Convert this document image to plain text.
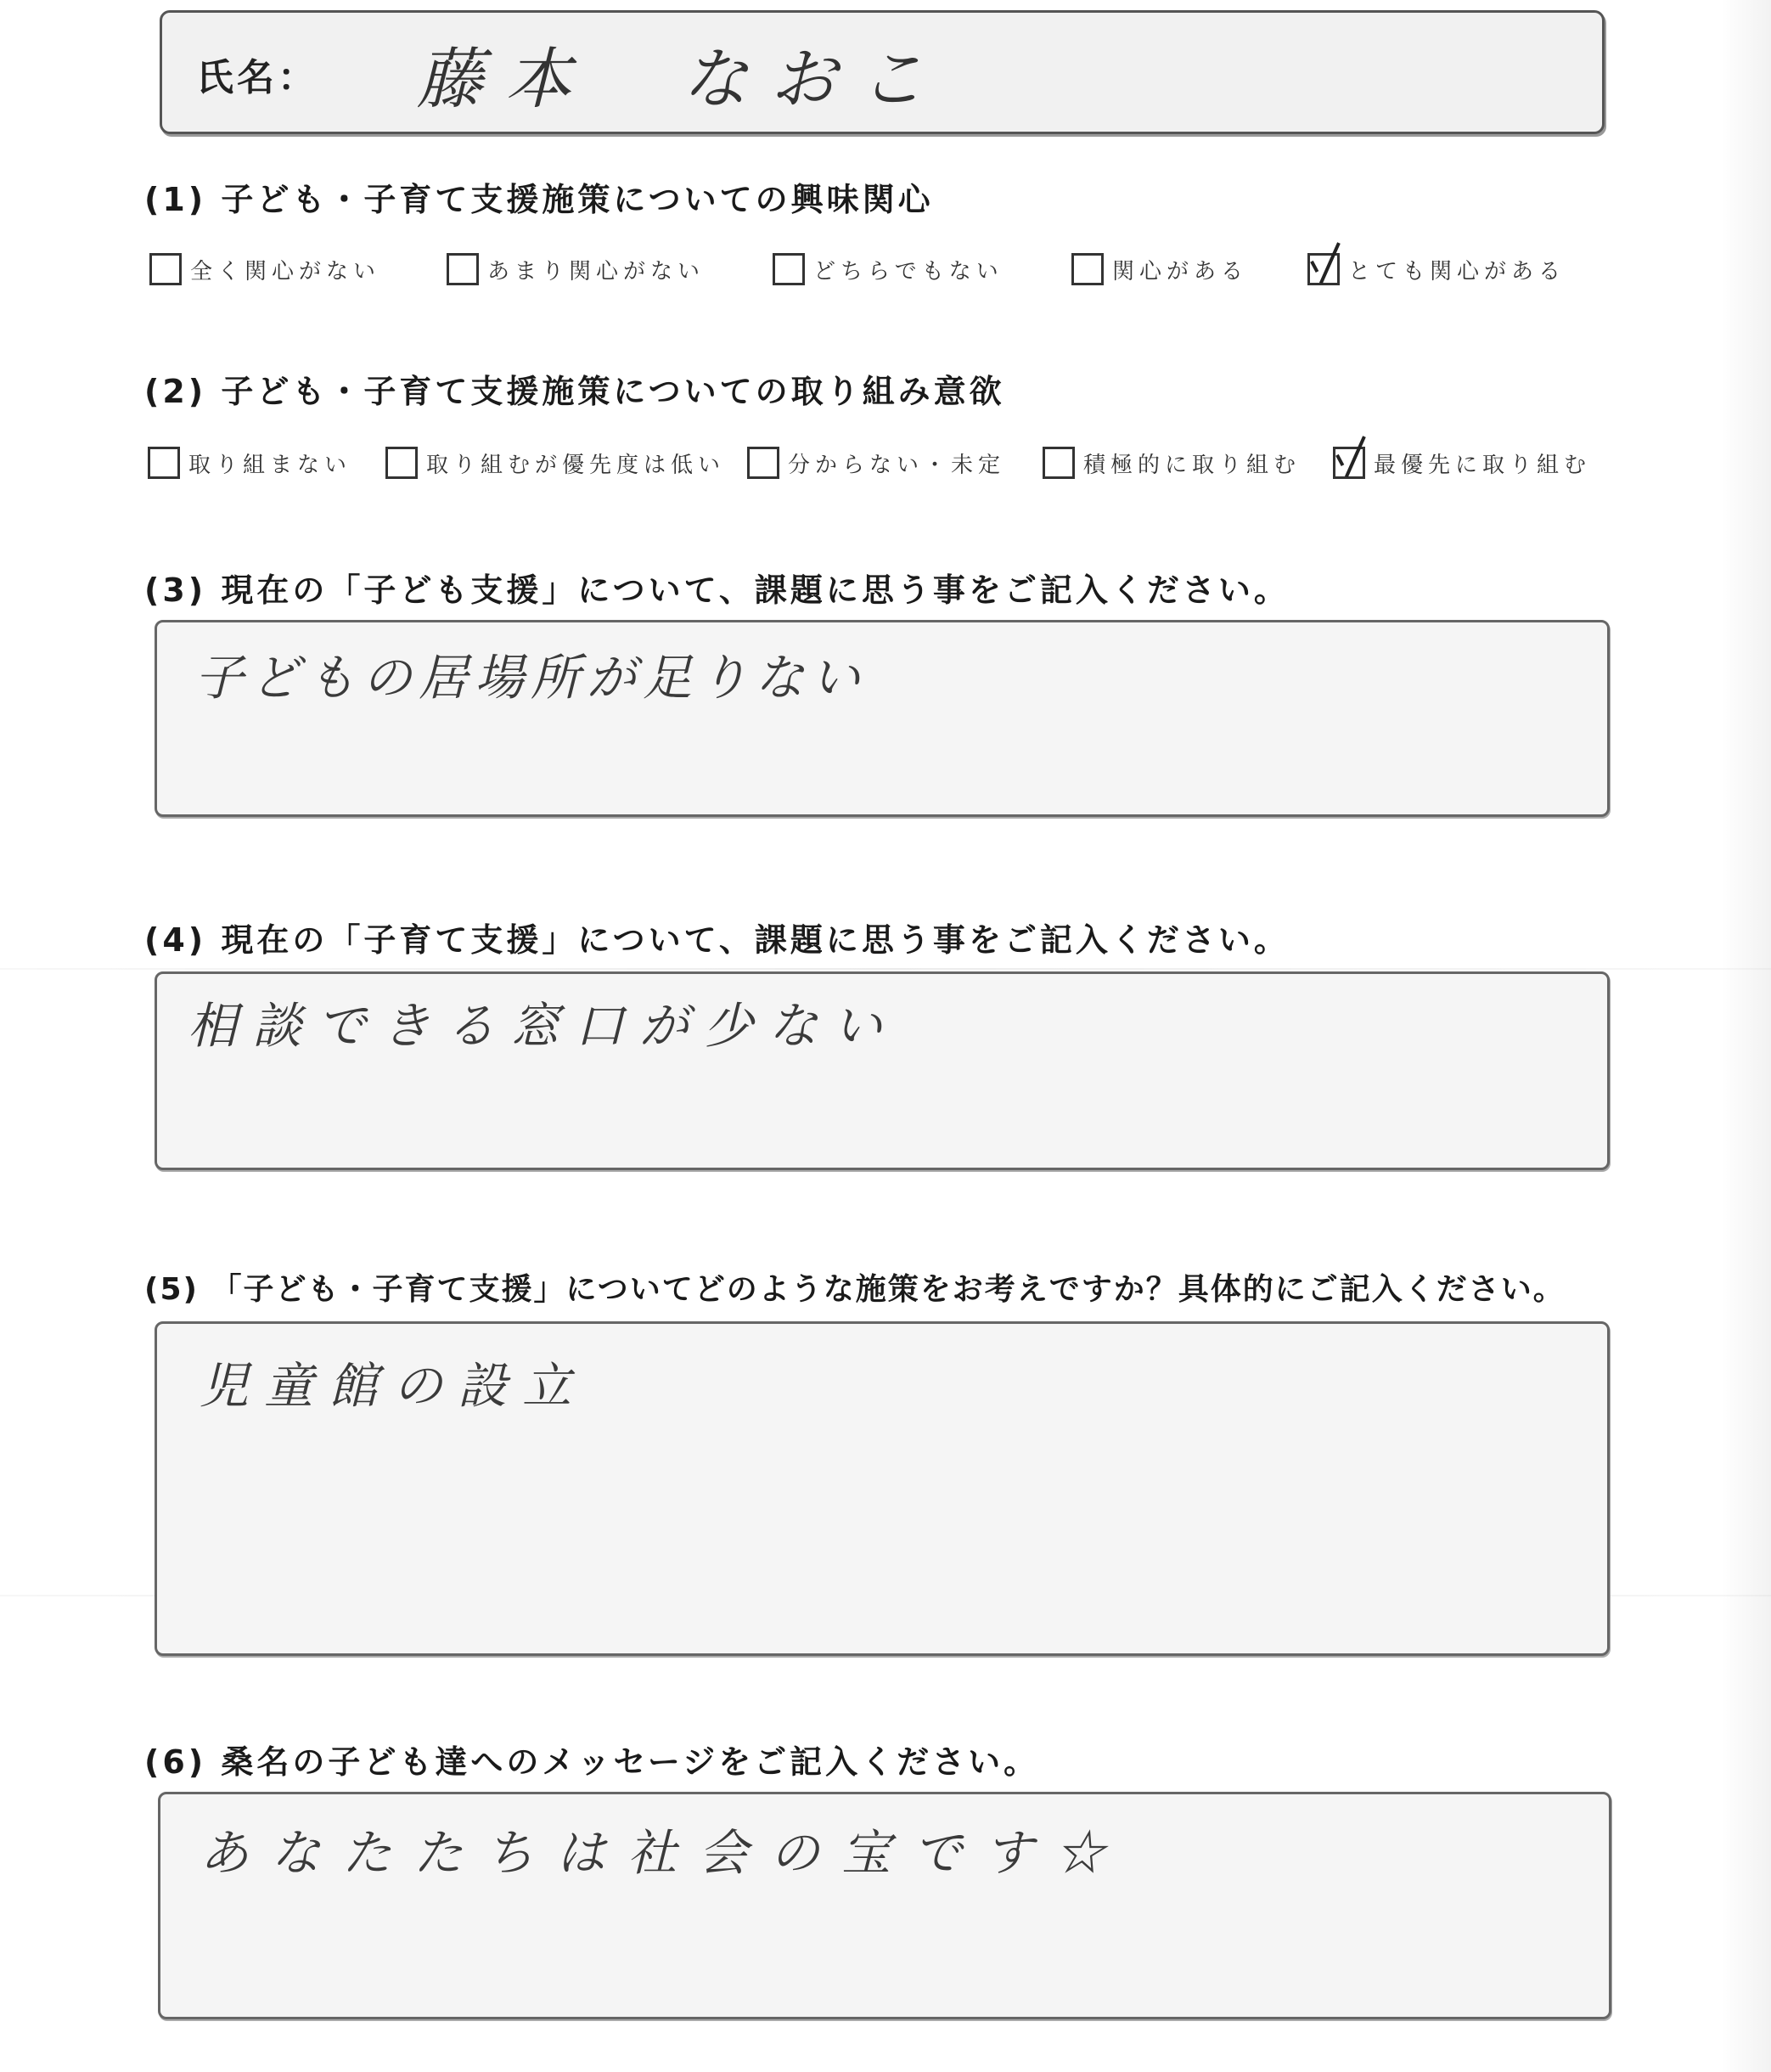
氏名： 藤本　なおこ
(1) 子ども・子育て支援施策についての興味関心
全く関心がない	あまり関心がない	どちらでもない	関心がある	とても関心がある
(2) 子ども・子育て支援施策についての取り組み意欲
取り組まない	取り組むが優先度は低い	分からない・未定	積極的に取り組む	最優先に取り組む
(3) 現在の「子ども支援」について、課題に思う事をご記入ください。
子どもの居場所が足りない
(4) 現在の「子育て支援」について、課題に思う事をご記入ください。
相談できる窓口が少ない
(5) 「子ども・子育て支援」についてどのような施策をお考えですか？具体的にご記入ください。
児童館の設立
(6) 桑名の子ども達へのメッセージをご記入ください。
あなたたちは社会の宝です☆
